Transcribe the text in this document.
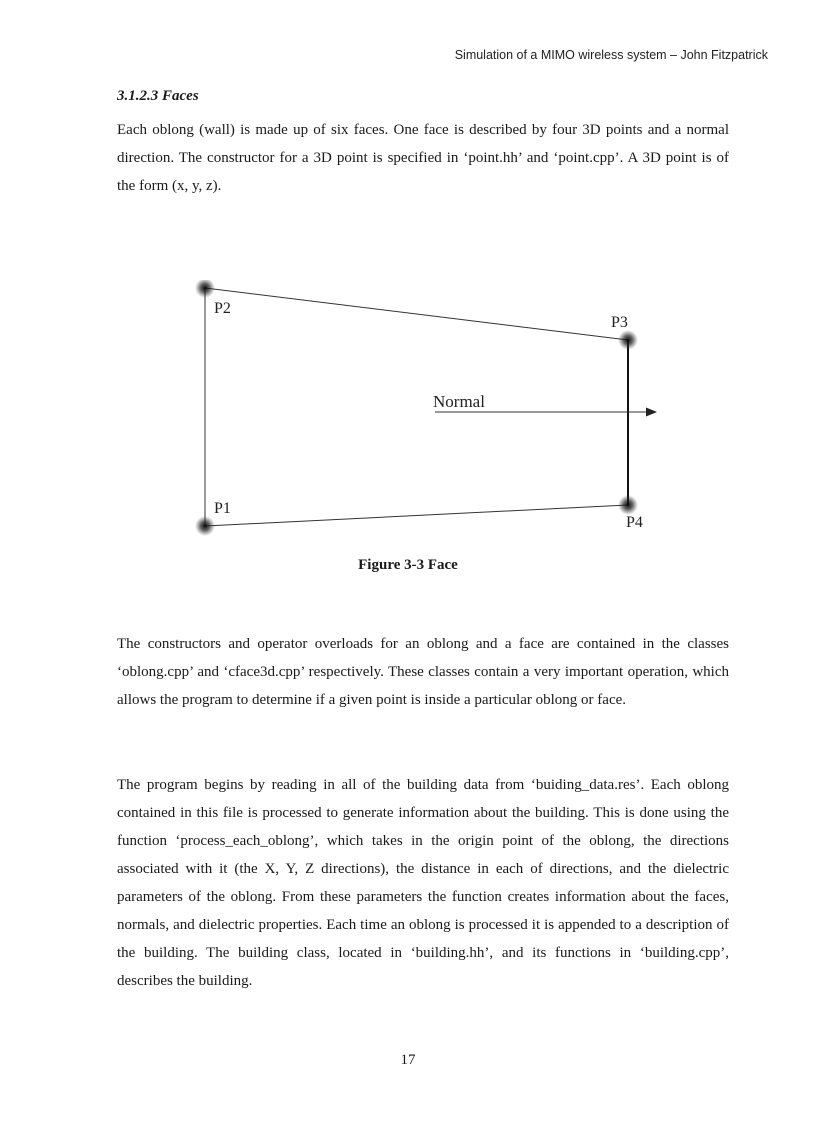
Simulation of a MIMO wireless system – John Fitzpatrick
3.1.2.3 Faces

Each oblong (wall) is made up of six faces. One face is described by four 3D points and a normal direction. The constructor for a 3D point is specified in ‘point.hh’ and ‘point.cpp’. A 3D point is of the form (x, y, z).

P2
P3
Normal
P1
P4

Figure 3-3 Face

The constructors and operator overloads for an oblong and a face are contained in the classes ‘oblong.cpp’ and ‘cface3d.cpp’ respectively. These classes contain a very important operation, which allows the program to determine if a given point is inside a particular oblong or face.

The program begins by reading in all of the building data from ‘buiding_data.res’. Each oblong contained in this file is processed to generate information about the building. This is done using the function ‘process_each_oblong’, which takes in the origin point of the oblong, the directions associated with it (the X, Y, Z directions), the distance in each of directions, and the dielectric parameters of the oblong. From these parameters the function creates information about the faces, normals, and dielectric properties. Each time an oblong is processed it is appended to a description of the building. The building class, located in ‘building.hh’, and its functions in ‘building.cpp’, describes the building.

17
